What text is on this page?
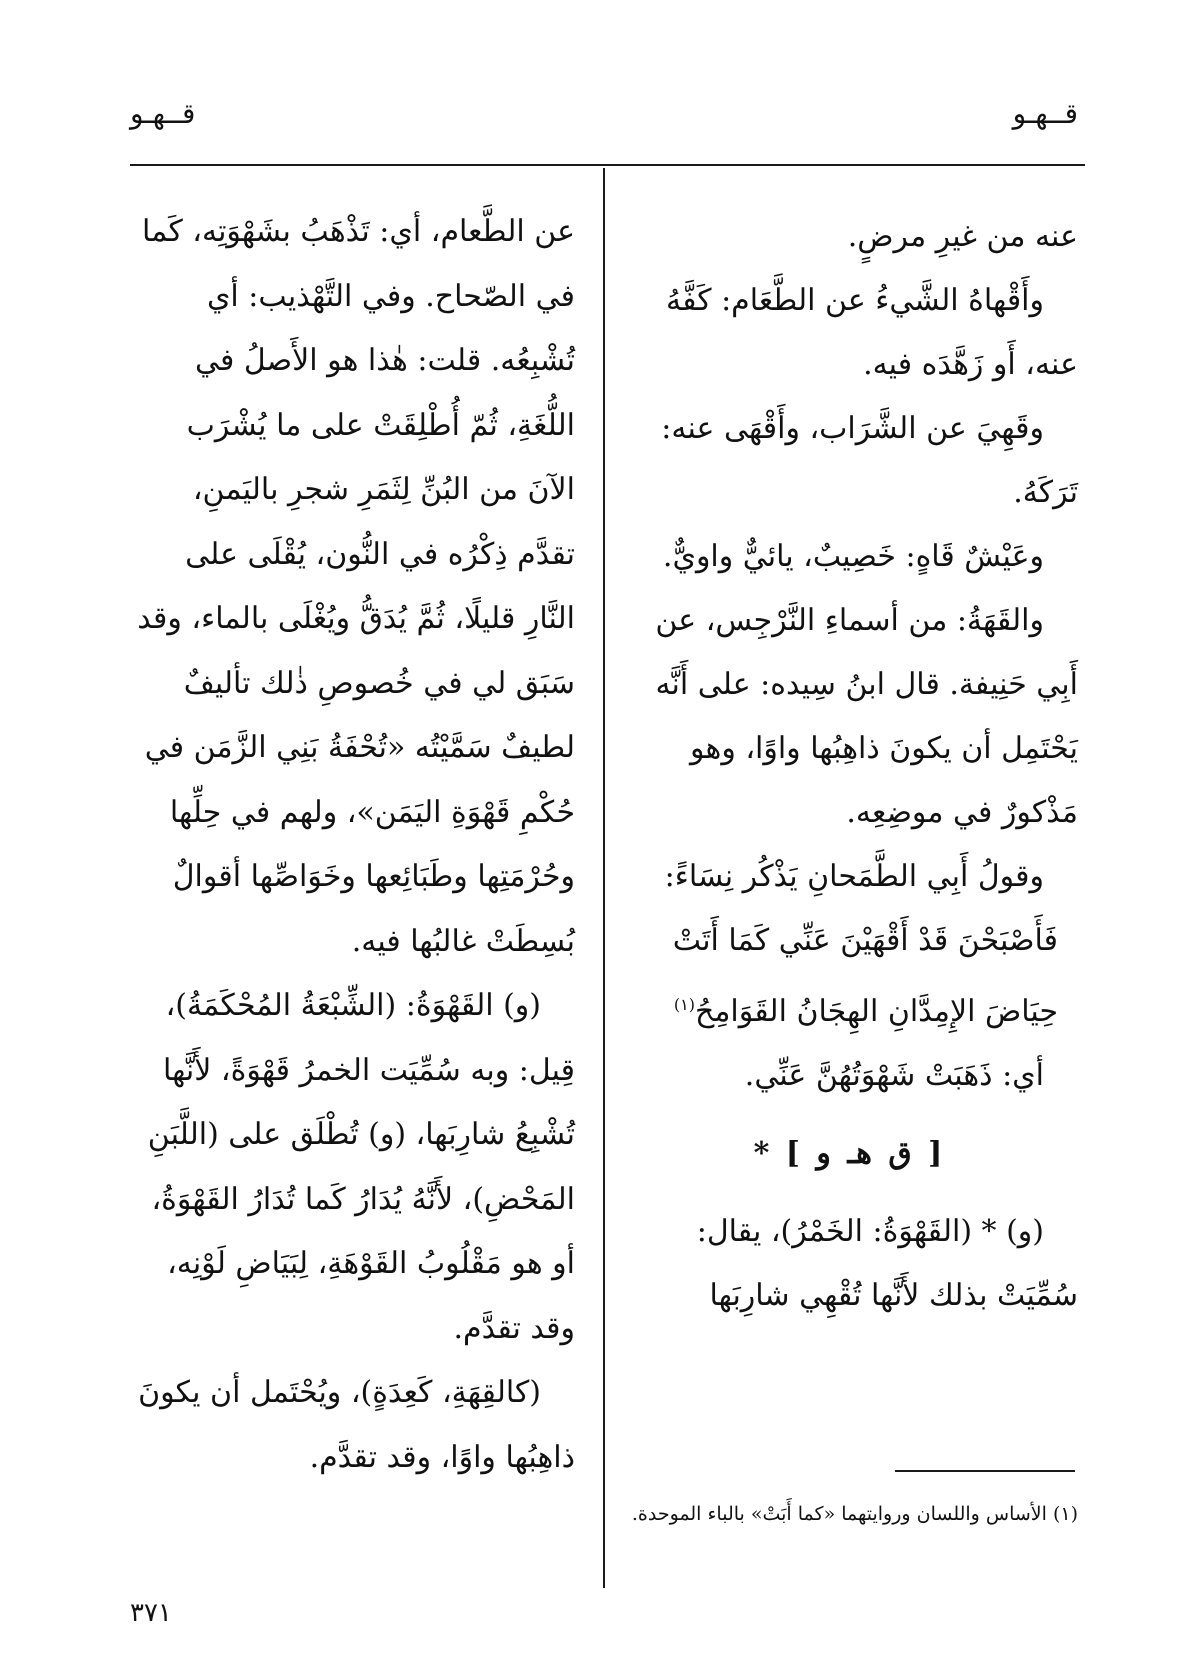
قــهـو
قــهـو

عنه من غيرِ مرضٍ.

وأَقْهاهُ الشَّيءُ عن الطَّعَام: كَفَّهُ عنه، أَو زَهَّدَه فيه.

وقَهِيَ عن الشَّرَاب، وأَقْهَى عنه: تَرَكَهُ.

وعَيْشٌ قَاهٍ: خَصِيبٌ، يائيٌّ واويٌّ.

والقَهَةُ: من أسماءِ النَّرْجِس، عن أَبِي حَنِيفة. قال ابنُ سِيده: على أَنَّه يَحْتَمِل أن يكونَ ذاهِبُها واوًا، وهو مَذْكورٌ في موضِعِه.

وقولُ أَبِي الطَّمَحانِ يَذْكُر نِسَاءً:

فَأَصْبَحْنَ قَدْ أَقْهَيْنَ عَنِّي كَمَا أَتَتْ

حِيَاضَ الإِمِدَّانِ الهِجَانُ القَوَامِحُ$^{(١)}$

أي: ذَهَبَتْ شَهْوَتُهُنَّ عَنِّي.

[ ق هـ و ] *

(و) * (القَهْوَةُ: الخَمْرُ)، يقال: سُمِّيَتْ بذلك لأَنَّها تُقْهِي شارِبَها

عن الطَّعام، أي: تَذْهَبُ بشَهْوَتِه، كَما في الصّحاح. وفي التَّهْذيب: أي تُشْبِعُه. قلت: هٰذا هو الأَصلُ في اللُّغَةِ، ثُمّ أُطْلِقَتْ على ما يُشْرَب الآنَ من البُنِّ لِثَمَرِ شجرِ باليَمنِ، تقدَّم ذِكْرُه في النُّون، يُقْلَى على النَّارِ قليلًا، ثُمَّ يُدَقُّ ويُغْلَى بالماء، وقد سَبَق لي في خُصوصِ ذٰلك تأليفٌ لطيفٌ سَمَّيْتُه «تُحْفَةُ بَنِي الزَّمَن في حُكْمِ قَهْوَةِ اليَمَن»، ولهم في حِلِّها وحُرْمَتِها وطَبَائِعها وخَوَاصِّها أقوالٌ بُسِطَتْ غالبُها فيه.

(و) القَهْوَةُ: (الشِّبْعَةُ المُحْكَمَةُ)، قِيل: وبه سُمِّيَت الخمرُ قَهْوَةً، لأَنَّها تُشْبِعُ شارِبَها، (و) تُطْلَق على (اللَّبَنِ المَحْضِ)، لأَنَّهُ يُدَارُ كَما تُدَارُ القَهْوَةُ، أو هو مَقْلُوبُ القَوْهَةِ، لِبَيَاضِ لَوْنِه، وقد تقدَّم.

(كالقِهَةِ، كَعِدَةٍ)، ويُحْتَمل أن يكونَ ذاهِبُها واوًا، وقد تقدَّم.

(١) الأساس واللسان وروايتهما «كما أَبَتْ» بالباء الموحدة.
٣٧١
